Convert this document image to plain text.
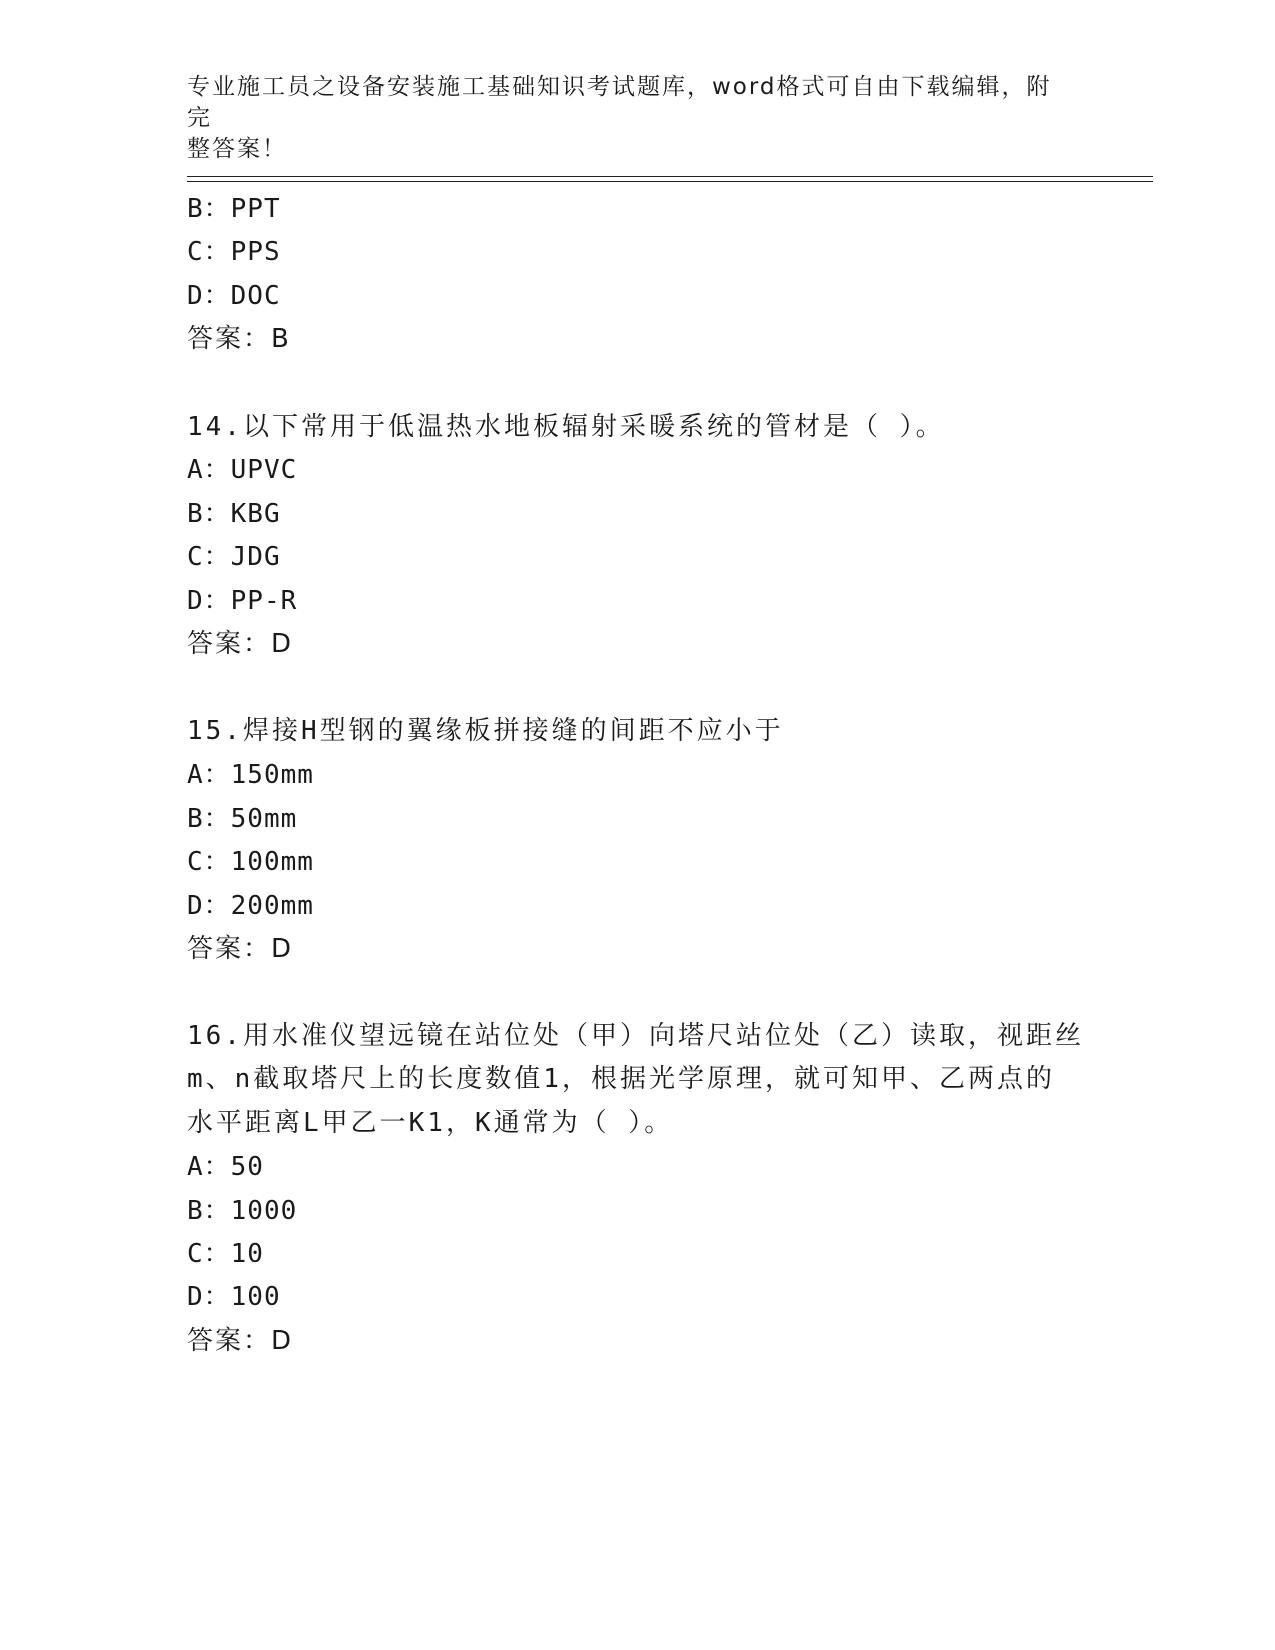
专业施工员之设备安装施工基础知识考试题库，word格式可自由下载编辑，附完
整答案！
B：PPT
C：PPS
D：DOC
答案：B
14.以下常用于低温热水地板辐射采暖系统的管材是（ ）。
A：UPVC
B：KBG
C：JDG
D：PP-R
答案：D
15.焊接H型钢的翼缘板拼接缝的间距不应小于
A：150mm
B：50mm
C：100mm
D：200mm
答案：D
16.用水准仪望远镜在站位处（甲）向塔尺站位处（乙）读取，视距丝
m、n截取塔尺上的长度数值1，根据光学原理，就可知甲、乙两点的
水平距离L甲乙一K1，K通常为（ ）。
A：50
B：1000
C：10
D：100
答案：D
